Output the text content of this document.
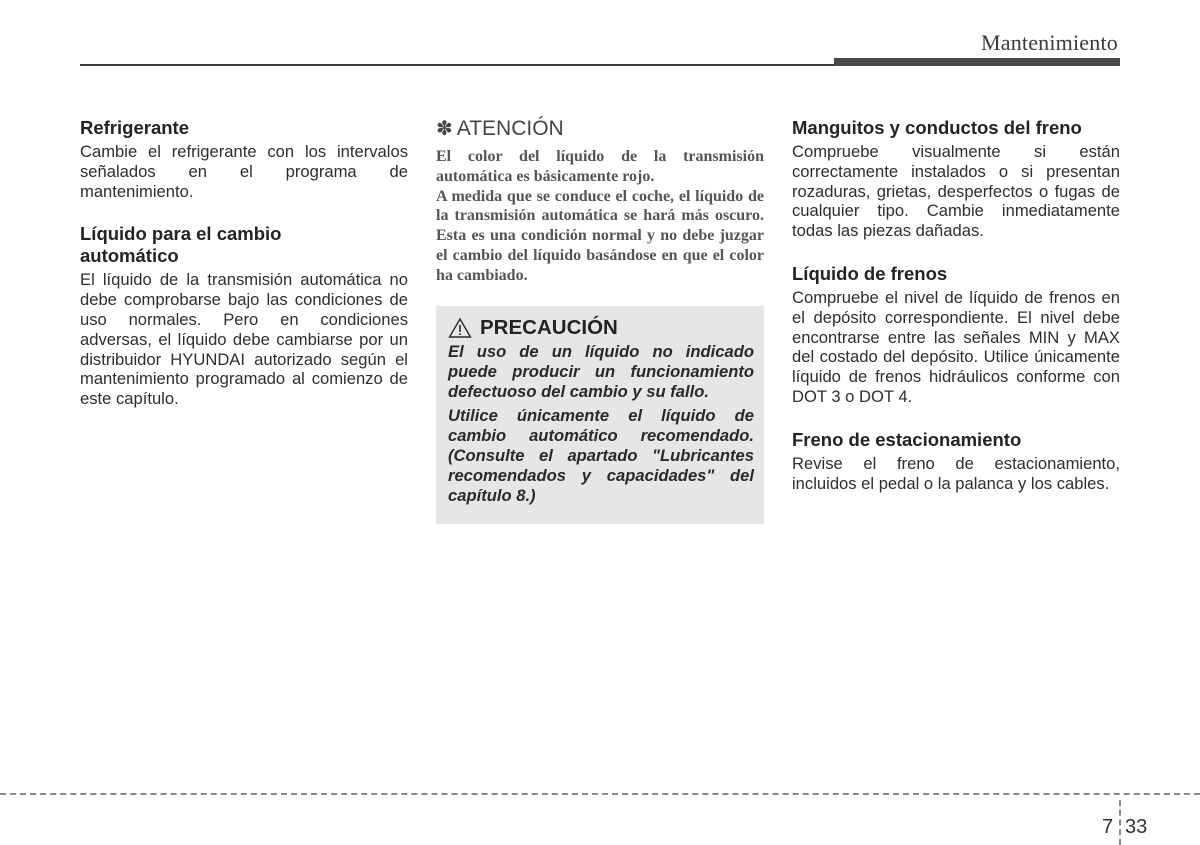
Mantenimiento
Refrigerante

Cambie el refrigerante con los intervalos señalados en el programa de mantenimiento.

Líquido para el cambio automático

El líquido de la transmisión automática no debe comprobarse bajo las condiciones de uso normales. Pero en condiciones adversas, el líquido debe cambiarse por un distribuidor HYUNDAI autorizado según el mantenimiento programado al comienzo de este capítulo.

✽ ATENCIÓN

El color del líquido de la transmisión automática es básicamente rojo.

A medida que se conduce el coche, el líquido de la transmisión automática se hará más oscuro. Esta es una condición normal y no debe juzgar el cambio del líquido basándose en que el color ha cambiado.

PRECAUCIÓN

El uso de un líquido no indicado puede producir un funcionamiento defectuoso del cambio y su fallo.

Utilice únicamente el líquido de cambio automático recomendado. (Consulte el apartado "Lubricantes recomendados y capacidades" del capítulo 8.)

Manguitos y conductos del freno

Compruebe visualmente si están correctamente instalados o si presentan rozaduras, grietas, desperfectos o fugas de cualquier tipo. Cambie inmediatamente todas las piezas dañadas.

Líquido de frenos

Compruebe el nivel de líquido de frenos en el depósito correspondiente. El nivel debe encontrarse entre las señales MIN y MAX del costado del depósito. Utilice únicamente líquido de frenos hidráulicos conforme con DOT 3 o DOT 4.

Freno de estacionamiento

Revise el freno de estacionamiento, incluidos el pedal o la palanca y los cables.

7 33
